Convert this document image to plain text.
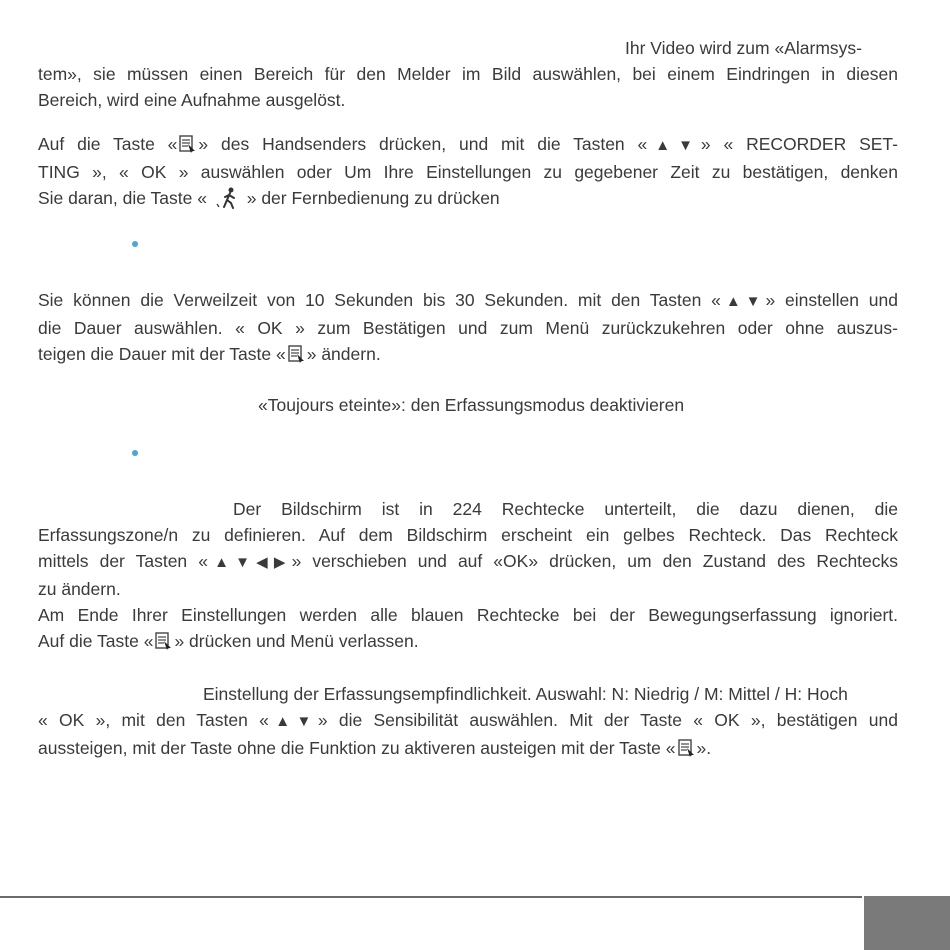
Ihr Video wird zum «Alarmsys-
tem», sie müssen einen Bereich für den Melder im Bild auswählen, bei einem Eindringen in diesen
Bereich, wird eine Aufnahme ausgelöst.
Auf die Taste « » des Handsenders drücken, und mit die Tasten «▲▼» « RECORDER SET-
TING », « OK » auswählen oder Um Ihre Einstellungen zu gegebener Zeit zu bestätigen, denken
Sie daran, die Taste « » der Fernbedienung zu drücken
Sie können die Verweilzeit von 10 Sekunden bis 30 Sekunden. mit den Tasten «▲▼» einstellen und
die Dauer auswählen. « OK » zum Bestätigen und zum Menü zurückzukehren oder ohne auszus-
teigen die Dauer mit der Taste « » ändern.
«Toujours eteinte»: den Erfassungsmodus deaktivieren
Der Bildschirm ist in 224 Rechtecke unterteilt, die dazu dienen, die
Erfassungszone/n zu definieren. Auf dem Bildschirm erscheint ein gelbes Rechteck. Das Rechteck
mittels der Tasten «▲▼◀▶» verschieben und auf «OK» drücken, um den Zustand des Rechtecks
zu ändern.
Am Ende Ihrer Einstellungen werden alle blauen Rechtecke bei der Bewegungserfassung ignoriert.
Auf die Taste « » drücken und Menü verlassen.
Einstellung der Erfassungsempfindlichkeit. Auswahl: N: Niedrig / M: Mittel / H: Hoch
« OK », mit den Tasten «▲▼» die Sensibilität auswählen. Mit der Taste « OK », bestätigen und
aussteigen, mit der Taste ohne die Funktion zu aktiveren austeigen mit der Taste « ».
